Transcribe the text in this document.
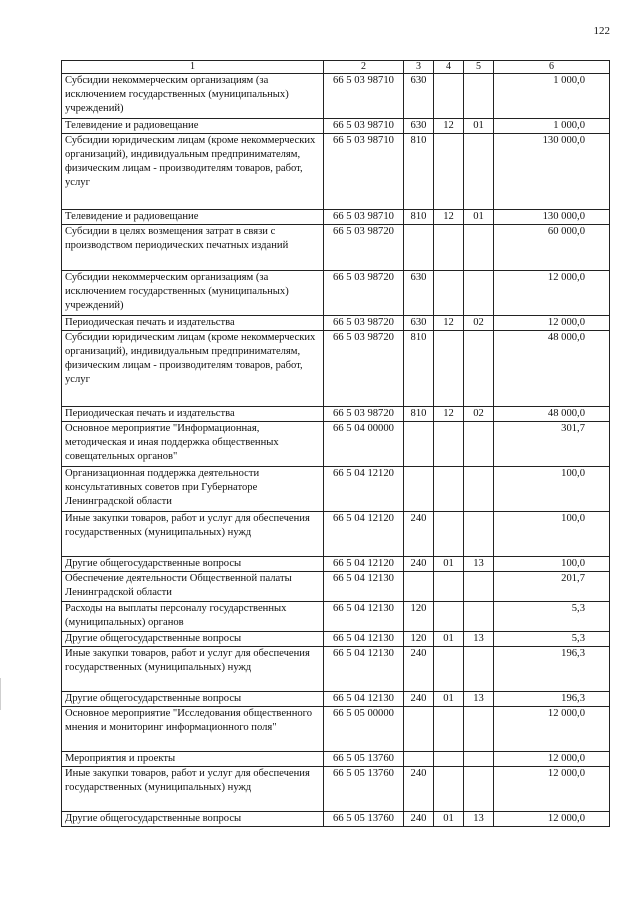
122
1	2	3	4	5	6
Субсидии некоммерческим организациям (за исключением государственных (муниципальных) учреждений)	66 5 03 98710	630			1 000,0
Телевидение и радиовещание	66 5 03 98710	630	12	01	1 000,0
Субсидии юридическим лицам (кроме некоммерческих организаций), индивидуальным предпринимателям, физическим лицам - производителям товаров, работ, услуг	66 5 03 98710	810			130 000,0
Телевидение и радиовещание	66 5 03 98710	810	12	01	130 000,0
Субсидии в целях возмещения затрат в связи с производством периодических печатных изданий	66 5 03 98720				60 000,0
Субсидии некоммерческим организациям (за исключением государственных (муниципальных) учреждений)	66 5 03 98720	630			12 000,0
Периодическая печать и издательства	66 5 03 98720	630	12	02	12 000,0
Субсидии юридическим лицам (кроме некоммерческих организаций), индивидуальным предпринимателям, физическим лицам - производителям товаров, работ, услуг	66 5 03 98720	810			48 000,0
Периодическая печать и издательства	66 5 03 98720	810	12	02	48 000,0
Основное мероприятие "Информационная, методическая и иная поддержка общественных совещательных органов"	66 5 04 00000				301,7
Организационная поддержка деятельности консультативных советов при Губернаторе Ленинградской области	66 5 04 12120				100,0
Иные закупки товаров, работ и услуг для обеспечения государственных (муниципальных) нужд	66 5 04 12120	240			100,0
Другие общегосударственные вопросы	66 5 04 12120	240	01	13	100,0
Обеспечение деятельности Общественной палаты Ленинградской области	66 5 04 12130				201,7
Расходы на выплаты персоналу государственных (муниципальных) органов	66 5 04 12130	120			5,3
Другие общегосударственные вопросы	66 5 04 12130	120	01	13	5,3
Иные закупки товаров, работ и услуг для обеспечения государственных (муниципальных) нужд	66 5 04 12130	240			196,3
Другие общегосударственные вопросы	66 5 04 12130	240	01	13	196,3
Основное мероприятие "Исследования общественного мнения и мониторинг информационного поля"	66 5 05 00000				12 000,0
Мероприятия и проекты	66 5 05 13760				12 000,0
Иные закупки товаров, работ и услуг для обеспечения государственных (муниципальных) нужд	66 5 05 13760	240			12 000,0
Другие общегосударственные вопросы	66 5 05 13760	240	01	13	12 000,0
